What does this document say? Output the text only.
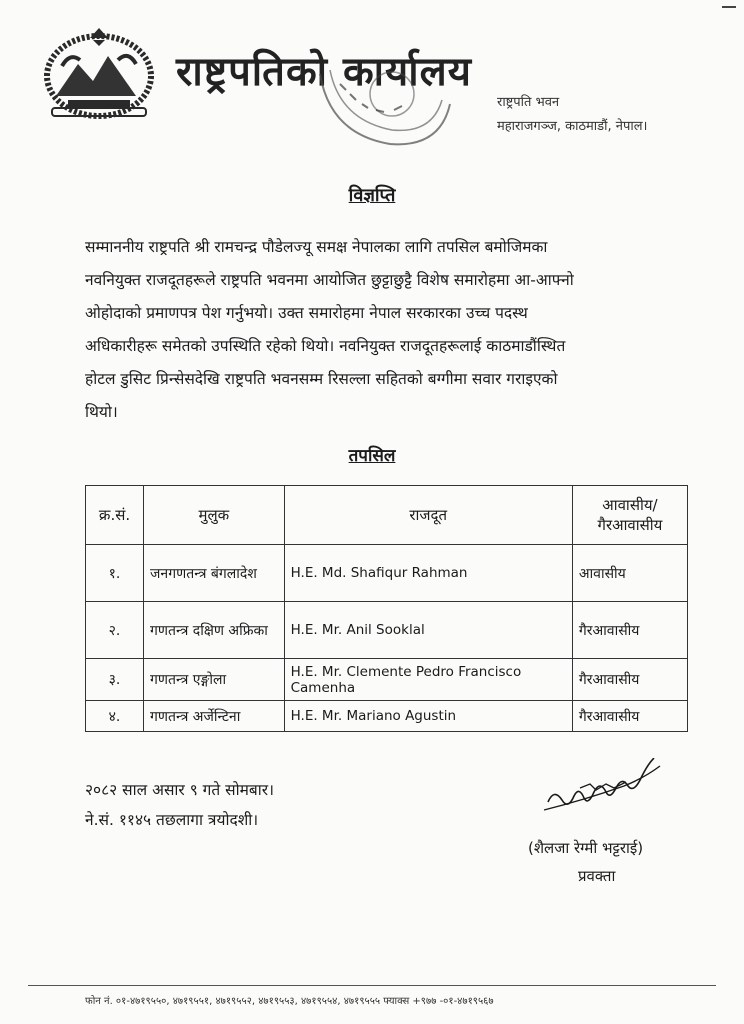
राष्ट्रपतिको कार्यालय
राष्ट्रपति भवन
महाराजगञ्ज, काठमाडौं, नेपाल।
विज्ञप्ति
सम्माननीय राष्ट्रपति श्री रामचन्द्र पौडेलज्यू समक्ष नेपालका लागि तपसिल बमोजिमका
नवनियुक्त राजदूतहरूले राष्ट्रपति भवनमा आयोजित छुट्टाछुट्टै विशेष समारोहमा आ-आफ्नो
ओहोदाको प्रमाणपत्र पेश गर्नुभयो। उक्त समारोहमा नेपाल सरकारका उच्च पदस्थ
अधिकारीहरू समेतको उपस्थिति रहेको थियो। नवनियुक्त राजदूतहरूलाई काठमाडौंस्थित
होटल डुसिट प्रिन्सेसदेखि राष्ट्रपति भवनसम्म रिसल्ला सहितको बग्गीमा सवार गराइएको
थियो।
तपसिल
क्र.सं.	मुलुक	राजदूत	आवासीय/
गैरआवासीय
१.	जनगणतन्त्र बंगलादेश	H.E. Md. Shafiqur Rahman	आवासीय
२.	गणतन्त्र दक्षिण अफ्रिका	H.E. Mr. Anil Sooklal	गैरआवासीय
३.	गणतन्त्र एङ्गोला	H.E. Mr. Clemente Pedro Francisco Camenha	गैरआवासीय
४.	गणतन्त्र अर्जेन्टिना	H.E. Mr. Mariano Agustin	गैरआवासीय
२०८२ साल असार ९ गते सोमबार।
ने.सं. ११४५ तछलागा त्रयोदशी।
(शैलजा रेग्मी भट्टराई)
प्रवक्ता
फोन नं. ०१-४७१९५५०, ४७१९५५१, ४७१९५५२, ४७१९५५३, ४७१९५५४, ४७१९५५५ फ्याक्स +९७७ -०१-४७१९५६७
